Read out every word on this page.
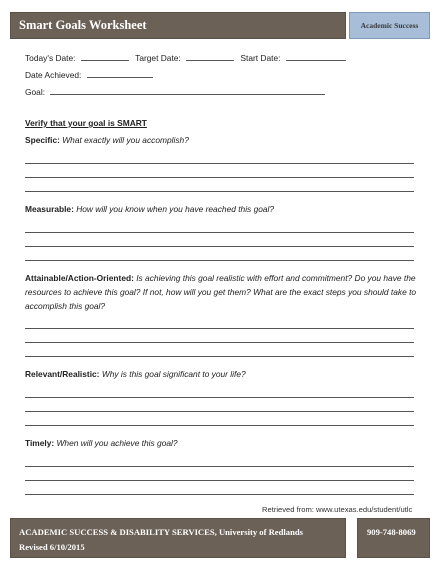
Smart Goals Worksheet	Academic Success
Today's Date:	Target Date:	Start Date:
Date Achieved:
Goal:
Verify that your goal is SMART
Specific: What exactly will you accomplish?
Measurable: How will you know when you have reached this goal?
Attainable/Action-Oriented: Is achieving this goal realistic with effort and commitment? Do you have the
resources to achieve this goal? If not, how will you get them? What are the exact steps you should take to
accomplish this goal?
Relevant/Realistic: Why is this goal significant to your life?
Timely: When will you achieve this goal?
Retrieved from: www.utexas.edu/student/utlc
ACADEMIC SUCCESS & DISABILITY SERVICES, University of Redlands
Revised 6/10/2015
909-748-8069
